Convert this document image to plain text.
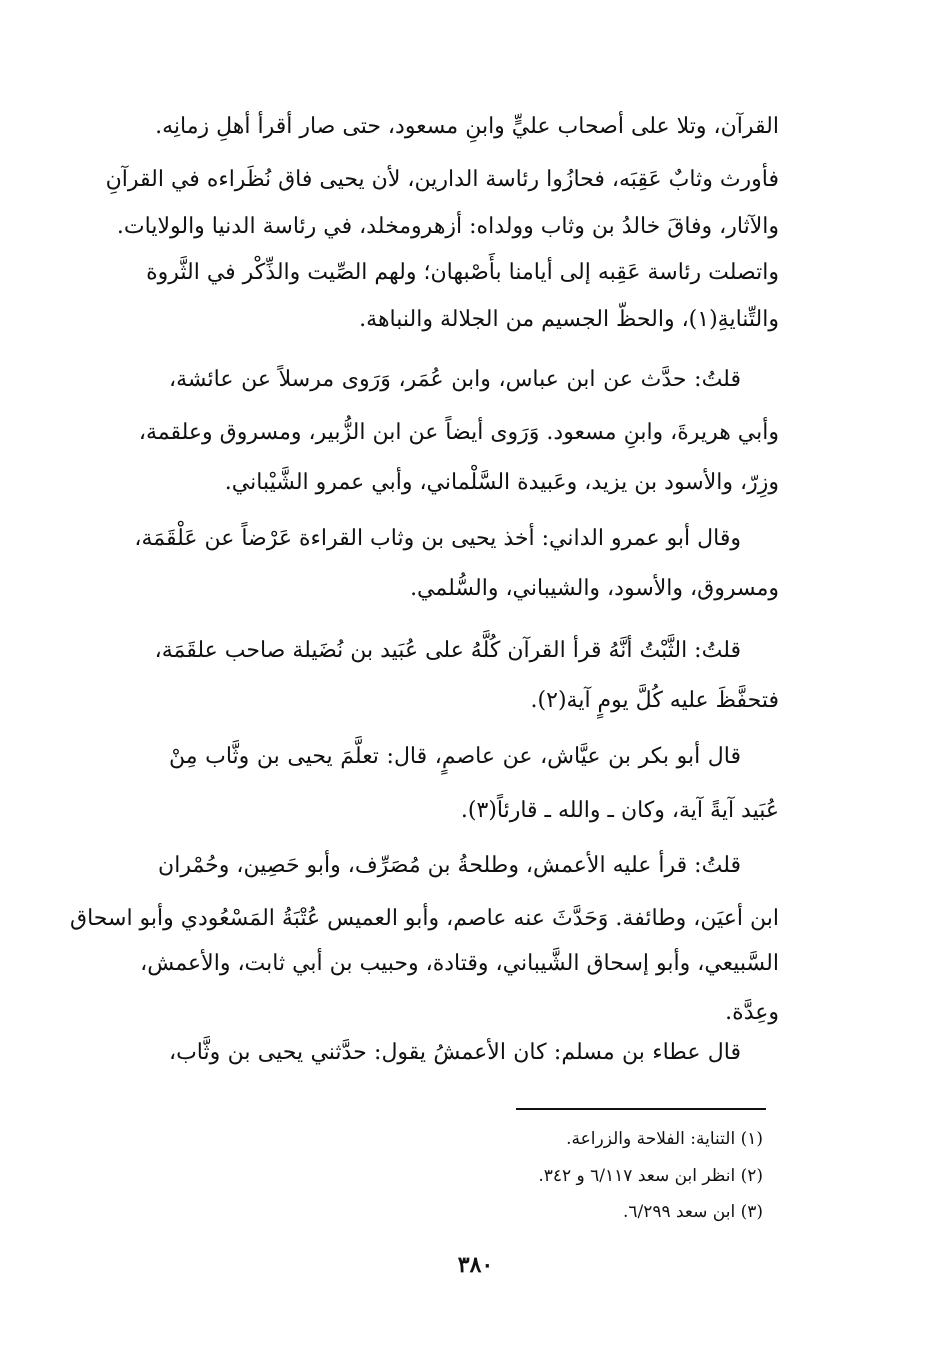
القرآن، وتلا على أصحاب عليٍّ وابنِ مسعود، حتى صار أقرأ أهلِ زمانِه.
فأورث وثابٌ عَقِبَه، فحازُوا رئاسة الدارين، لأن يحيى فاق نُظَراءه في القرآنِ
والآثار، وفاقَ خالدُ بن وثاب وولداه: أزهرومخلد، في رئاسة الدنيا والولايات.
واتصلت رئاسة عَقِبه إلى أيامنا بأَصْبهان؛ ولهم الصِّيت والذِّكْر في الثَّروة
والتِّنايةِ(١)، والحظّ الجسيم من الجلالة والنباهة.
قلتُ: حدَّث عن ابن عباس، وابن عُمَر، وَرَوى مرسلاً عن عائشة،
وأبي هريرةَ، وابنِ مسعود. وَرَوى أيضاً عن ابن الزُّبير، ومسروق وعلقمة،
وزِرّ، والأسود بن يزيد، وعَبيدة السَّلْماني، وأبي عمرو الشَّيْباني.
وقال أبو عمرو الداني: أخذ يحيى بن وثاب القراءة عَرْضاً عن عَلْقَمَة،
ومسروق، والأسود، والشيباني، والسُّلمي.
قلتُ: الثَّبْتُ أنَّهُ قرأ القرآن كُلَّهُ على عُبَيد بن نُضَيلة صاحب علقَمَة،
فتحفَّظَ عليه كُلَّ يومٍ آية(٢).
قال أبو بكر بن عيَّاش، عن عاصمٍ، قال: تعلَّمَ يحيى بن وثَّاب مِنْ
عُبَيد آيةً آية، وكان ـ والله ـ قارئاً(٣).
قلتُ: قرأ عليه الأعمش، وطلحةُ بن مُصَرِّف، وأبو حَصِين، وحُمْران
ابن أعيَن، وطائفة. وَحَدَّثَ عنه عاصم، وأبو العميس عُتْبَةُ المَسْعُودي وأبو اسحاق
السَّبيعي، وأبو إسحاق الشَّيباني، وقتادة، وحبيب بن أبي ثابت، والأعمش،
وعِدَّة.
قال عطاء بن مسلم: كان الأعمشُ يقول: حدَّثني يحيى بن وثَّاب،
(١) التناية: الفلاحة والزراعة.
(٢) انظر ابن سعد ٦/١١٧ و ٣٤٢.
(٣) ابن سعد ٦/٢٩٩.
٣٨٠
